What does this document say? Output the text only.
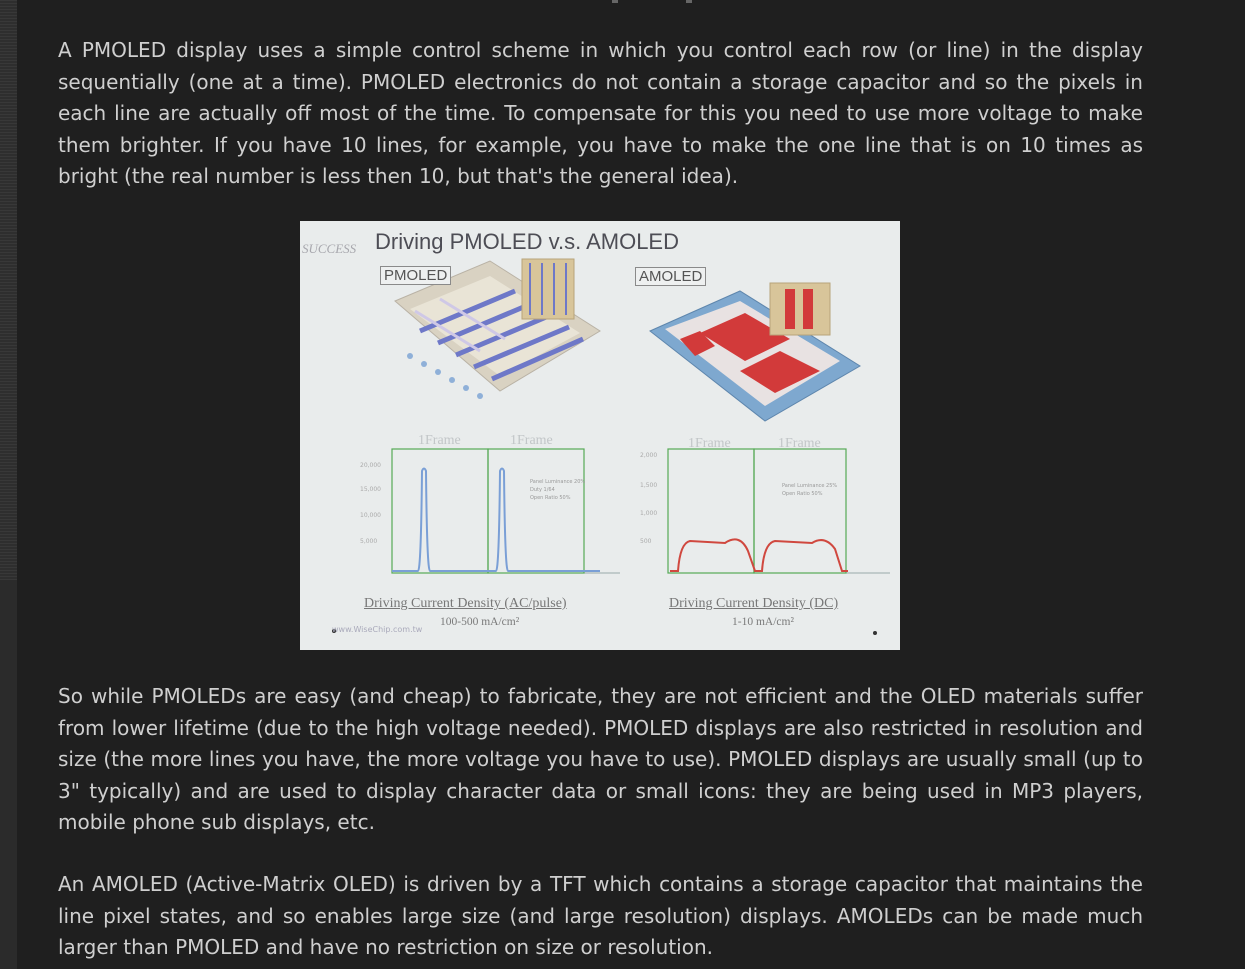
A PMOLED display uses a simple control scheme in which you control each row (or line) in the display sequentially (one at a time). PMOLED electronics do not contain a storage capacitor and so the pixels in each line are actually off most of the time. To compensate for this you need to use more voltage to make them brighter. If you have 10 lines, for example, you have to make the one line that is on 10 times as bright (the real number is less then 10, but that's the general idea).

So while PMOLEDs are easy (and cheap) to fabricate, they are not efficient and the OLED materials suffer from lower lifetime (due to the high voltage needed). PMOLED displays are also restricted in resolution and size (the more lines you have, the more voltage you have to use). PMOLED displays are usually small (up to 3" typically) and are used to display character data or small icons: they are being used in MP3 players, mobile phone sub displays, etc.

An AMOLED (Active-Matrix OLED) is driven by a TFT which contains a storage capacitor that maintains the line pixel states, and so enables large size (and large resolution) displays. AMOLEDs can be made much larger than PMOLED and have no restriction on size or resolution.

20,000
15,000
10,000
5,000
Panel Luminance 20%
Duty 1/64
Open Ratio 50%
2,000
1,500
1,000
500
Panel Luminance 25%
Open Ratio 50%
SUCCESS Driving PMOLED v.s. AMOLED
PMOLED	AMOLED
1Frame	1Frame	1Frame	1Frame
Driving Current Density (AC/pulse)
100-500 mA/cm²
Driving Current Density (DC)
1-10 mA/cm²
www.WiseChip.com.tw
